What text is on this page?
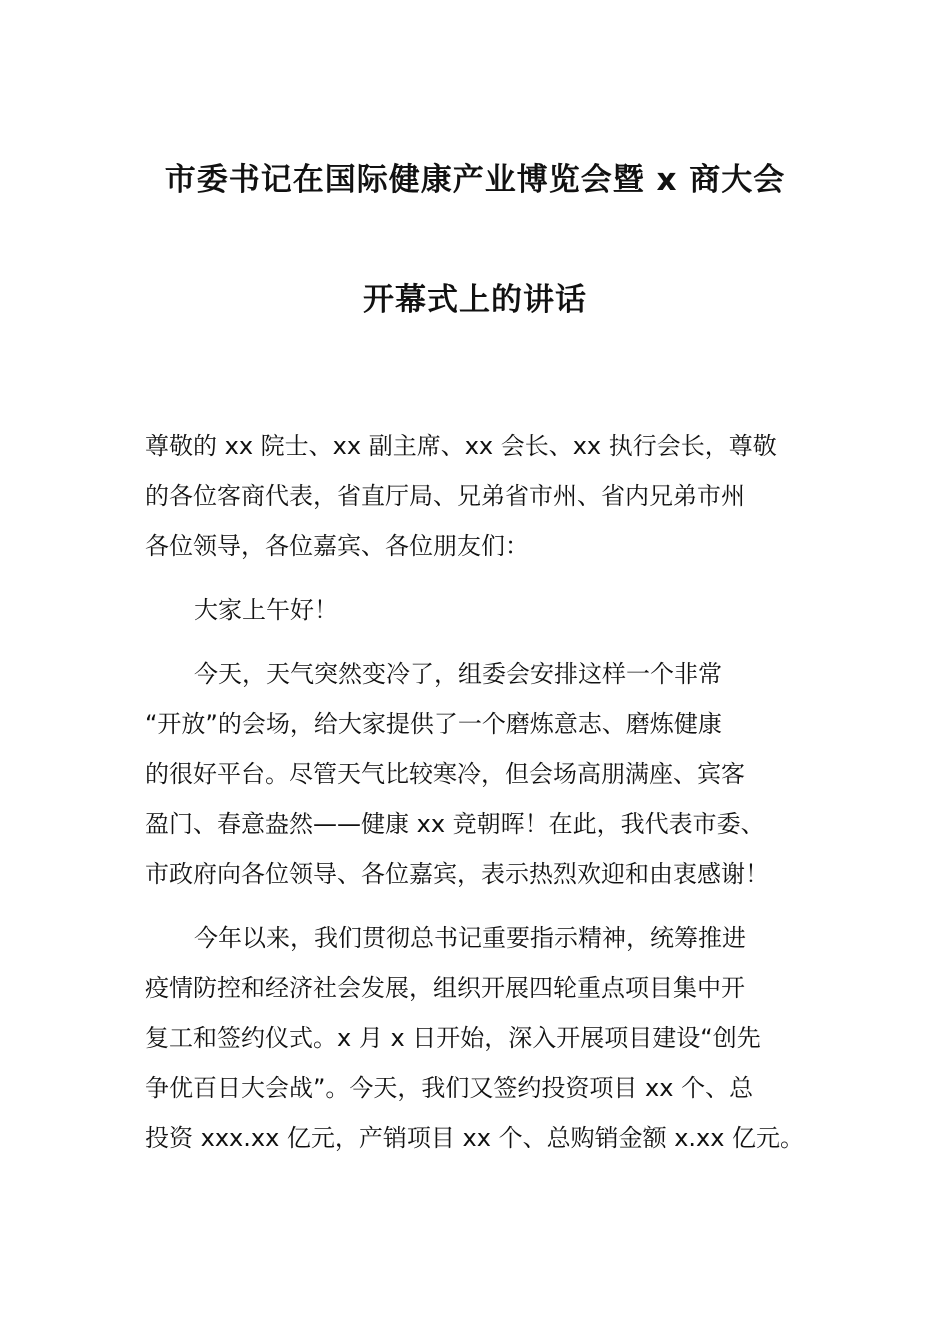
市委书记在国际健康产业博览会暨 x 商大会
开幕式上的讲话
尊敬的 xx 院士、xx 副主席、xx 会长、xx 执行会长，尊敬
的各位客商代表，省直厅局、兄弟省市州、省内兄弟市州
各位领导，各位嘉宾、各位朋友们：
大家上午好！
今天，天气突然变冷了，组委会安排这样一个非常
“开放”的会场，给大家提供了一个磨炼意志、磨炼健康
的很好平台。尽管天气比较寒冷，但会场高朋满座、宾客
盈门、春意盎然——健康 xx 竞朝晖！在此，我代表市委、
市政府向各位领导、各位嘉宾，表示热烈欢迎和由衷感谢！
今年以来，我们贯彻总书记重要指示精神，统筹推进
疫情防控和经济社会发展，组织开展四轮重点项目集中开
复工和签约仪式。x 月 x 日开始，深入开展项目建设“创先
争优百日大会战”。今天，我们又签约投资项目 xx 个、总
投资 xxx.xx 亿元，产销项目 xx 个、总购销金额 x.xx 亿元。
